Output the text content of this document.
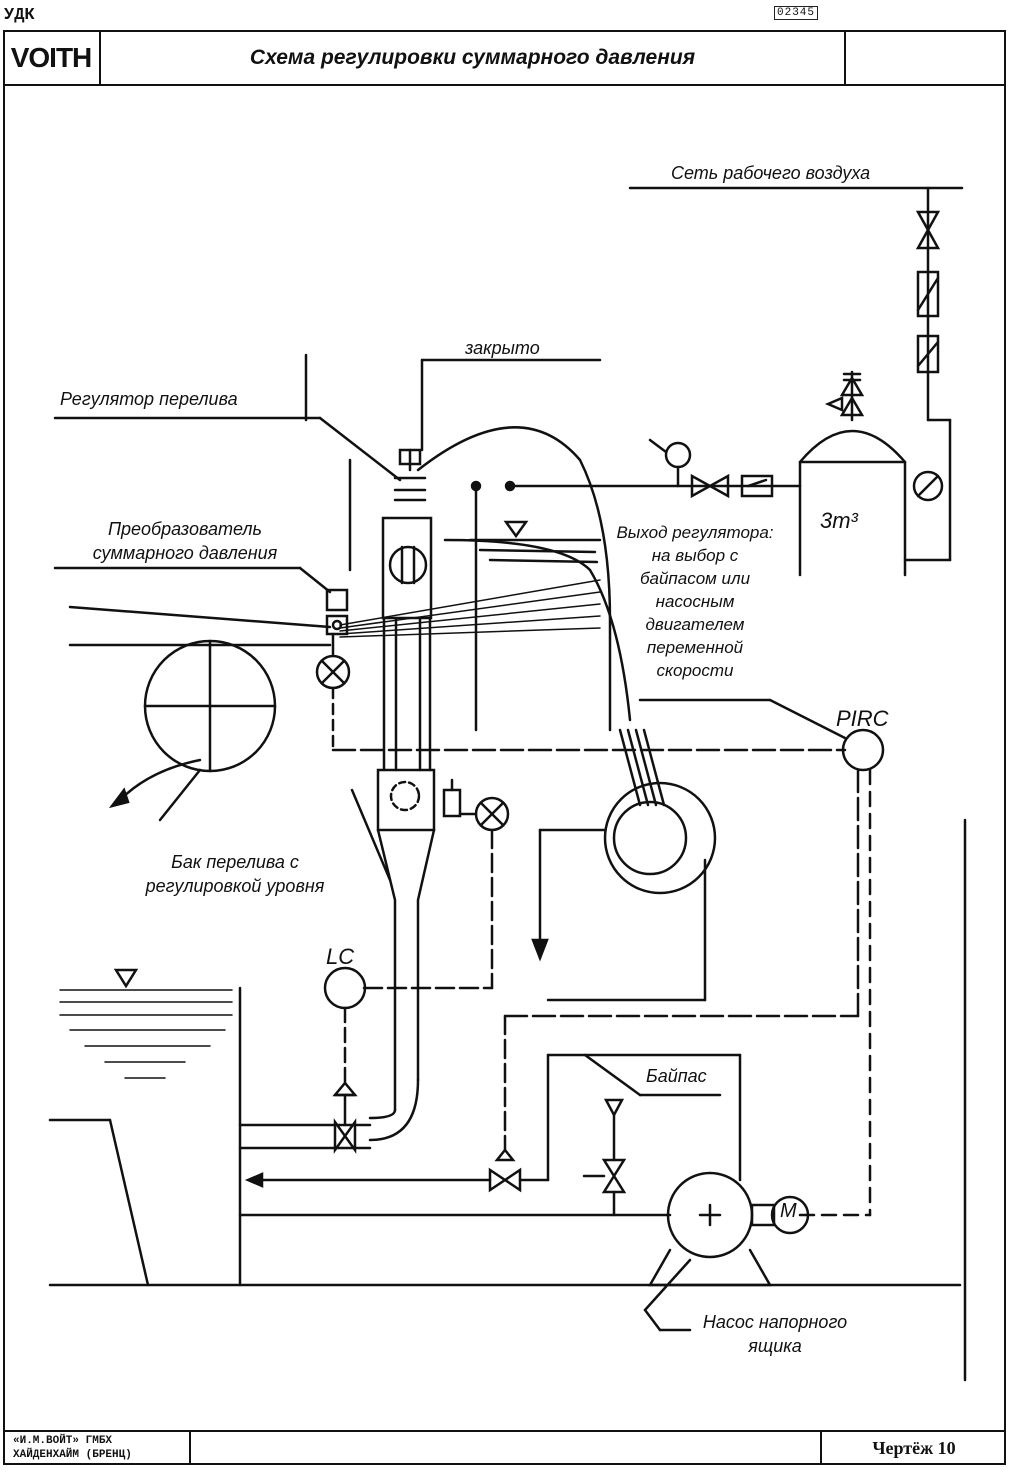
УДК	02345
VOITH	Схема регулировки суммарного давления
Сеть рабочего воздуха
закрыто
Регулятор перелива
Преобразователь
суммарного давления
Выход регулятора:
на выбор с
байпасом или
насосным
двигателем
переменной
скорости
3m³
PIRC
Бак перелива с
регулировкой уровня
LC
Байпас
Насос напорного
ящика
M
«И.М.ВОЙТ» ГМБХ
ХАЙДЕНХАЙМ (БРЕНЦ)	Чертёж 10
